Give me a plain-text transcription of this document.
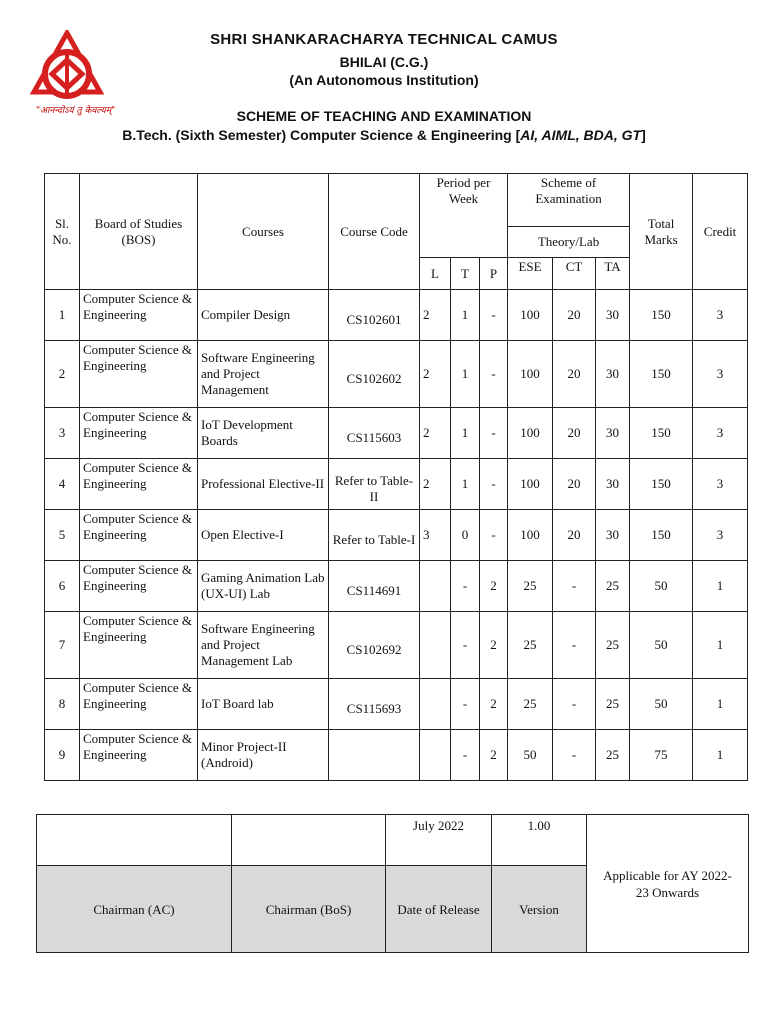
"आनन्दोऽयं तु केवल्यम्"
SHRI SHANKARACHARYA TECHNICAL CAMUS
BHILAI (C.G.)
(An Autonomous Institution)
SCHEME OF TEACHING AND EXAMINATION
B.Tech. (Sixth Semester) Computer Science & Engineering [AI, AIML, BDA, GT]
Sl. No.	Board of Studies (BOS)	Courses	Course Code	Period per Week			Scheme of Examination			Total Marks	Credit
							Theory/Lab				
				L	T	P	ESE	CT	TA		
1	Computer Science & Engineering	Compiler Design	CS102601	2	1	-	100	20	30	150	3
2	Computer Science & Engineering	Software Engineering and Project Management	CS102602	2	1	-	100	20	30	150	3
3	Computer Science & Engineering	IoT Development Boards	CS115603	2	1	-	100	20	30	150	3
4	Computer Science & Engineering	Professional Elective-II	Refer to Table-II	2	1	-	100	20	30	150	3
5	Computer Science & Engineering	Open Elective-I	Refer to Table-I	3	0	-	100	20	30	150	3
6	Computer Science & Engineering	Gaming Animation Lab (UX-UI) Lab	CS114691		-	2	25	-	25	50	1
7	Computer Science & Engineering	Software Engineering and Project Management Lab	CS102692		-	2	25	-	25	50	1
8	Computer Science & Engineering	IoT Board lab	CS115693		-	2	25	-	25	50	1
9	Computer Science & Engineering	Minor Project-II (Android)			-	2	50	-	25	75	1
		July 2022	1.00	Applicable for AY 2022-23 Onwards
Chairman (AC)	Chairman (BoS)	Date of Release	Version	
